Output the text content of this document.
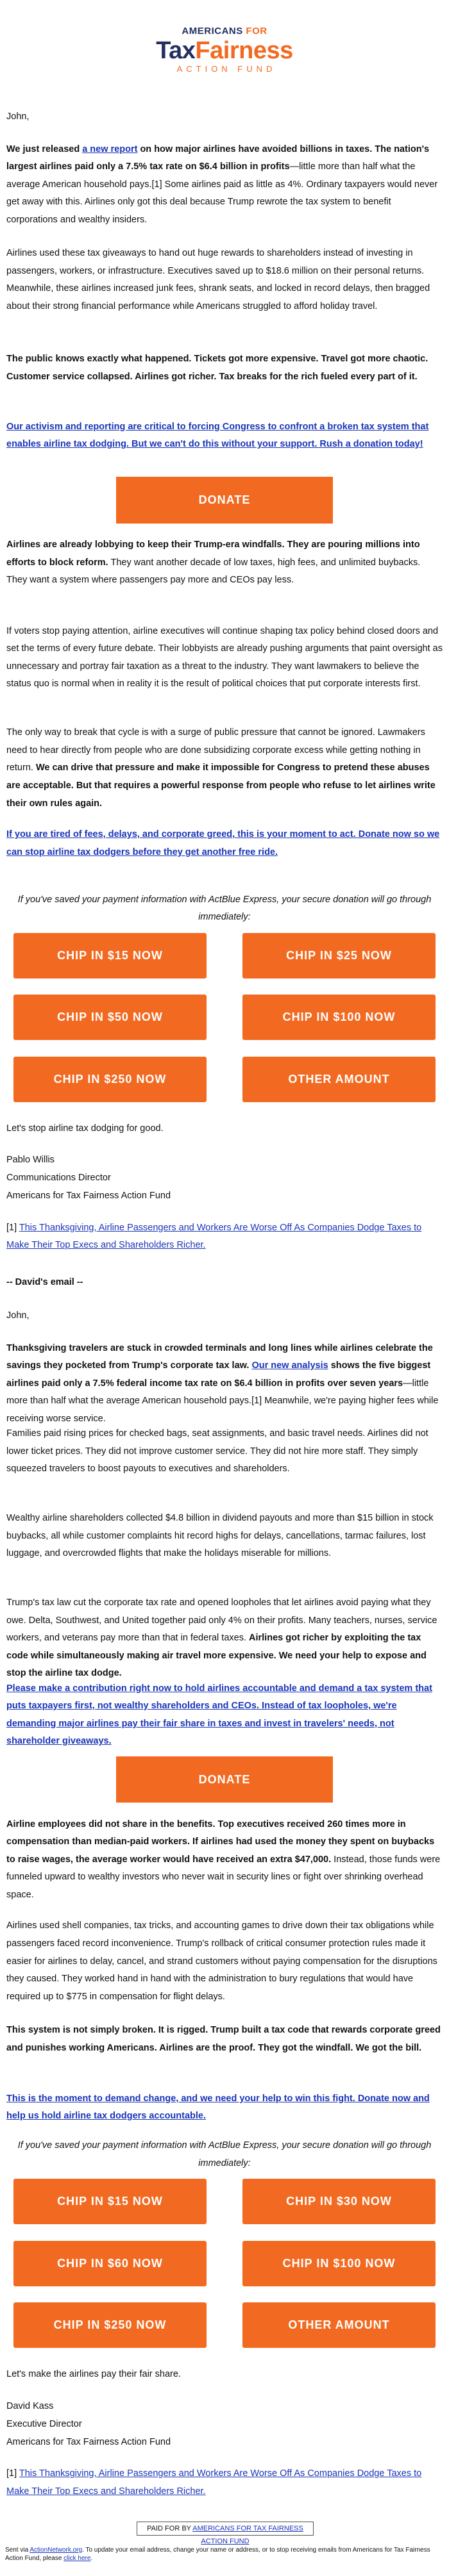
AMERICANS FOR
TaxFairness
ACTION FUND

John,

We just released a new report on how major airlines have avoided billions in taxes. The nation's largest airlines paid only a 7.5% tax rate on $6.4 billion in profits—little more than half what the average American household pays.[1] Some airlines paid as little as 4%. Ordinary taxpayers would never get away with this. Airlines only got this deal because Trump rewrote the tax system to benefit corporations and wealthy insiders.

Airlines used these tax giveaways to hand out huge rewards to shareholders instead of investing in passengers, workers, or infrastructure. Executives saved up to $18.6 million on their personal returns. Meanwhile, these airlines increased junk fees, shrank seats, and locked in record delays, then bragged about their strong financial performance while Americans struggled to afford holiday travel.

The public knows exactly what happened. Tickets got more expensive. Travel got more chaotic. Customer service collapsed. Airlines got richer. Tax breaks for the rich fueled every part of it.

Our activism and reporting are critical to forcing Congress to confront a broken tax system that enables airline tax dodging. But we can't do this without your support. Rush a donation today!

DONATE

Airlines are already lobbying to keep their Trump-era windfalls. They are pouring millions into efforts to block reform. They want another decade of low taxes, high fees, and unlimited buybacks. They want a system where passengers pay more and CEOs pay less.

If voters stop paying attention, airline executives will continue shaping tax policy behind closed doors and set the terms of every future debate. Their lobbyists are already pushing arguments that paint oversight as unnecessary and portray fair taxation as a threat to the industry. They want lawmakers to believe the status quo is normal when in reality it is the result of political choices that put corporate interests first.

The only way to break that cycle is with a surge of public pressure that cannot be ignored. Lawmakers need to hear directly from people who are done subsidizing corporate excess while getting nothing in return. We can drive that pressure and make it impossible for Congress to pretend these abuses are acceptable. But that requires a powerful response from people who refuse to let airlines write their own rules again.

If you are tired of fees, delays, and corporate greed, this is your moment to act. Donate now so we can stop airline tax dodgers before they get another free ride.

If you've saved your payment information with ActBlue Express, your secure donation will go through immediately:

CHIP IN $15 NOW	CHIP IN $25 NOW
CHIP IN $50 NOW	CHIP IN $100 NOW
CHIP IN $250 NOW	OTHER AMOUNT

Let's stop airline tax dodging for good.

Pablo Willis

Communications Director

Americans for Tax Fairness Action Fund

[1] This Thanksgiving, Airline Passengers and Workers Are Worse Off As Companies Dodge Taxes to Make Their Top Execs and Shareholders Richer.

-- David's email --

John,

Thanksgiving travelers are stuck in crowded terminals and long lines while airlines celebrate the savings they pocketed from Trump's corporate tax law. Our new analysis shows the five biggest airlines paid only a 7.5% federal income tax rate on $6.4 billion in profits over seven years—little more than half what the average American household pays.[1] Meanwhile, we're paying higher fees while receiving worse service.

Families paid rising prices for checked bags, seat assignments, and basic travel needs. Airlines did not lower ticket prices. They did not improve customer service. They did not hire more staff. They simply squeezed travelers to boost payouts to executives and shareholders.

Wealthy airline shareholders collected $4.8 billion in dividend payouts and more than $15 billion in stock buybacks, all while customer complaints hit record highs for delays, cancellations, tarmac failures, lost luggage, and overcrowded flights that make the holidays miserable for millions.

Trump's tax law cut the corporate tax rate and opened loopholes that let airlines avoid paying what they owe. Delta, Southwest, and United together paid only 4% on their profits. Many teachers, nurses, service workers, and veterans pay more than that in federal taxes. Airlines got richer by exploiting the tax code while simultaneously making air travel more expensive. We need your help to expose and stop the airline tax dodge.

Please make a contribution right now to hold airlines accountable and demand a tax system that puts taxpayers first, not wealthy shareholders and CEOs. Instead of tax loopholes, we're demanding major airlines pay their fair share in taxes and invest in travelers' needs, not shareholder giveaways.

DONATE

Airline employees did not share in the benefits. Top executives received 260 times more in compensation than median-paid workers. If airlines had used the money they spent on buybacks to raise wages, the average worker would have received an extra $47,000. Instead, those funds were funneled upward to wealthy investors who never wait in security lines or fight over shrinking overhead space.

Airlines used shell companies, tax tricks, and accounting games to drive down their tax obligations while passengers faced record inconvenience. Trump's rollback of critical consumer protection rules made it easier for airlines to delay, cancel, and strand customers without paying compensation for the disruptions they caused. They worked hand in hand with the administration to bury regulations that would have required up to $775 in compensation for flight delays.

This system is not simply broken. It is rigged. Trump built a tax code that rewards corporate greed and punishes working Americans. Airlines are the proof. They got the windfall. We got the bill.

This is the moment to demand change, and we need your help to win this fight. Donate now and help us hold airline tax dodgers accountable.

If you've saved your payment information with ActBlue Express, your secure donation will go through immediately:

CHIP IN $15 NOW	CHIP IN $30 NOW
CHIP IN $60 NOW	CHIP IN $100 NOW
CHIP IN $250 NOW	OTHER AMOUNT

Let's make the airlines pay their fair share.

David Kass

Executive Director

Americans for Tax Fairness Action Fund

[1] This Thanksgiving, Airline Passengers and Workers Are Worse Off As Companies Dodge Taxes to Make Their Top Execs and Shareholders Richer.

PAID FOR BY AMERICANS FOR TAX FAIRNESS ACTION FUND
Sent via ActionNetwork.org. To update your email address, change your name or address, or to stop receiving emails from Americans for Tax Fairness Action Fund, please click here.
